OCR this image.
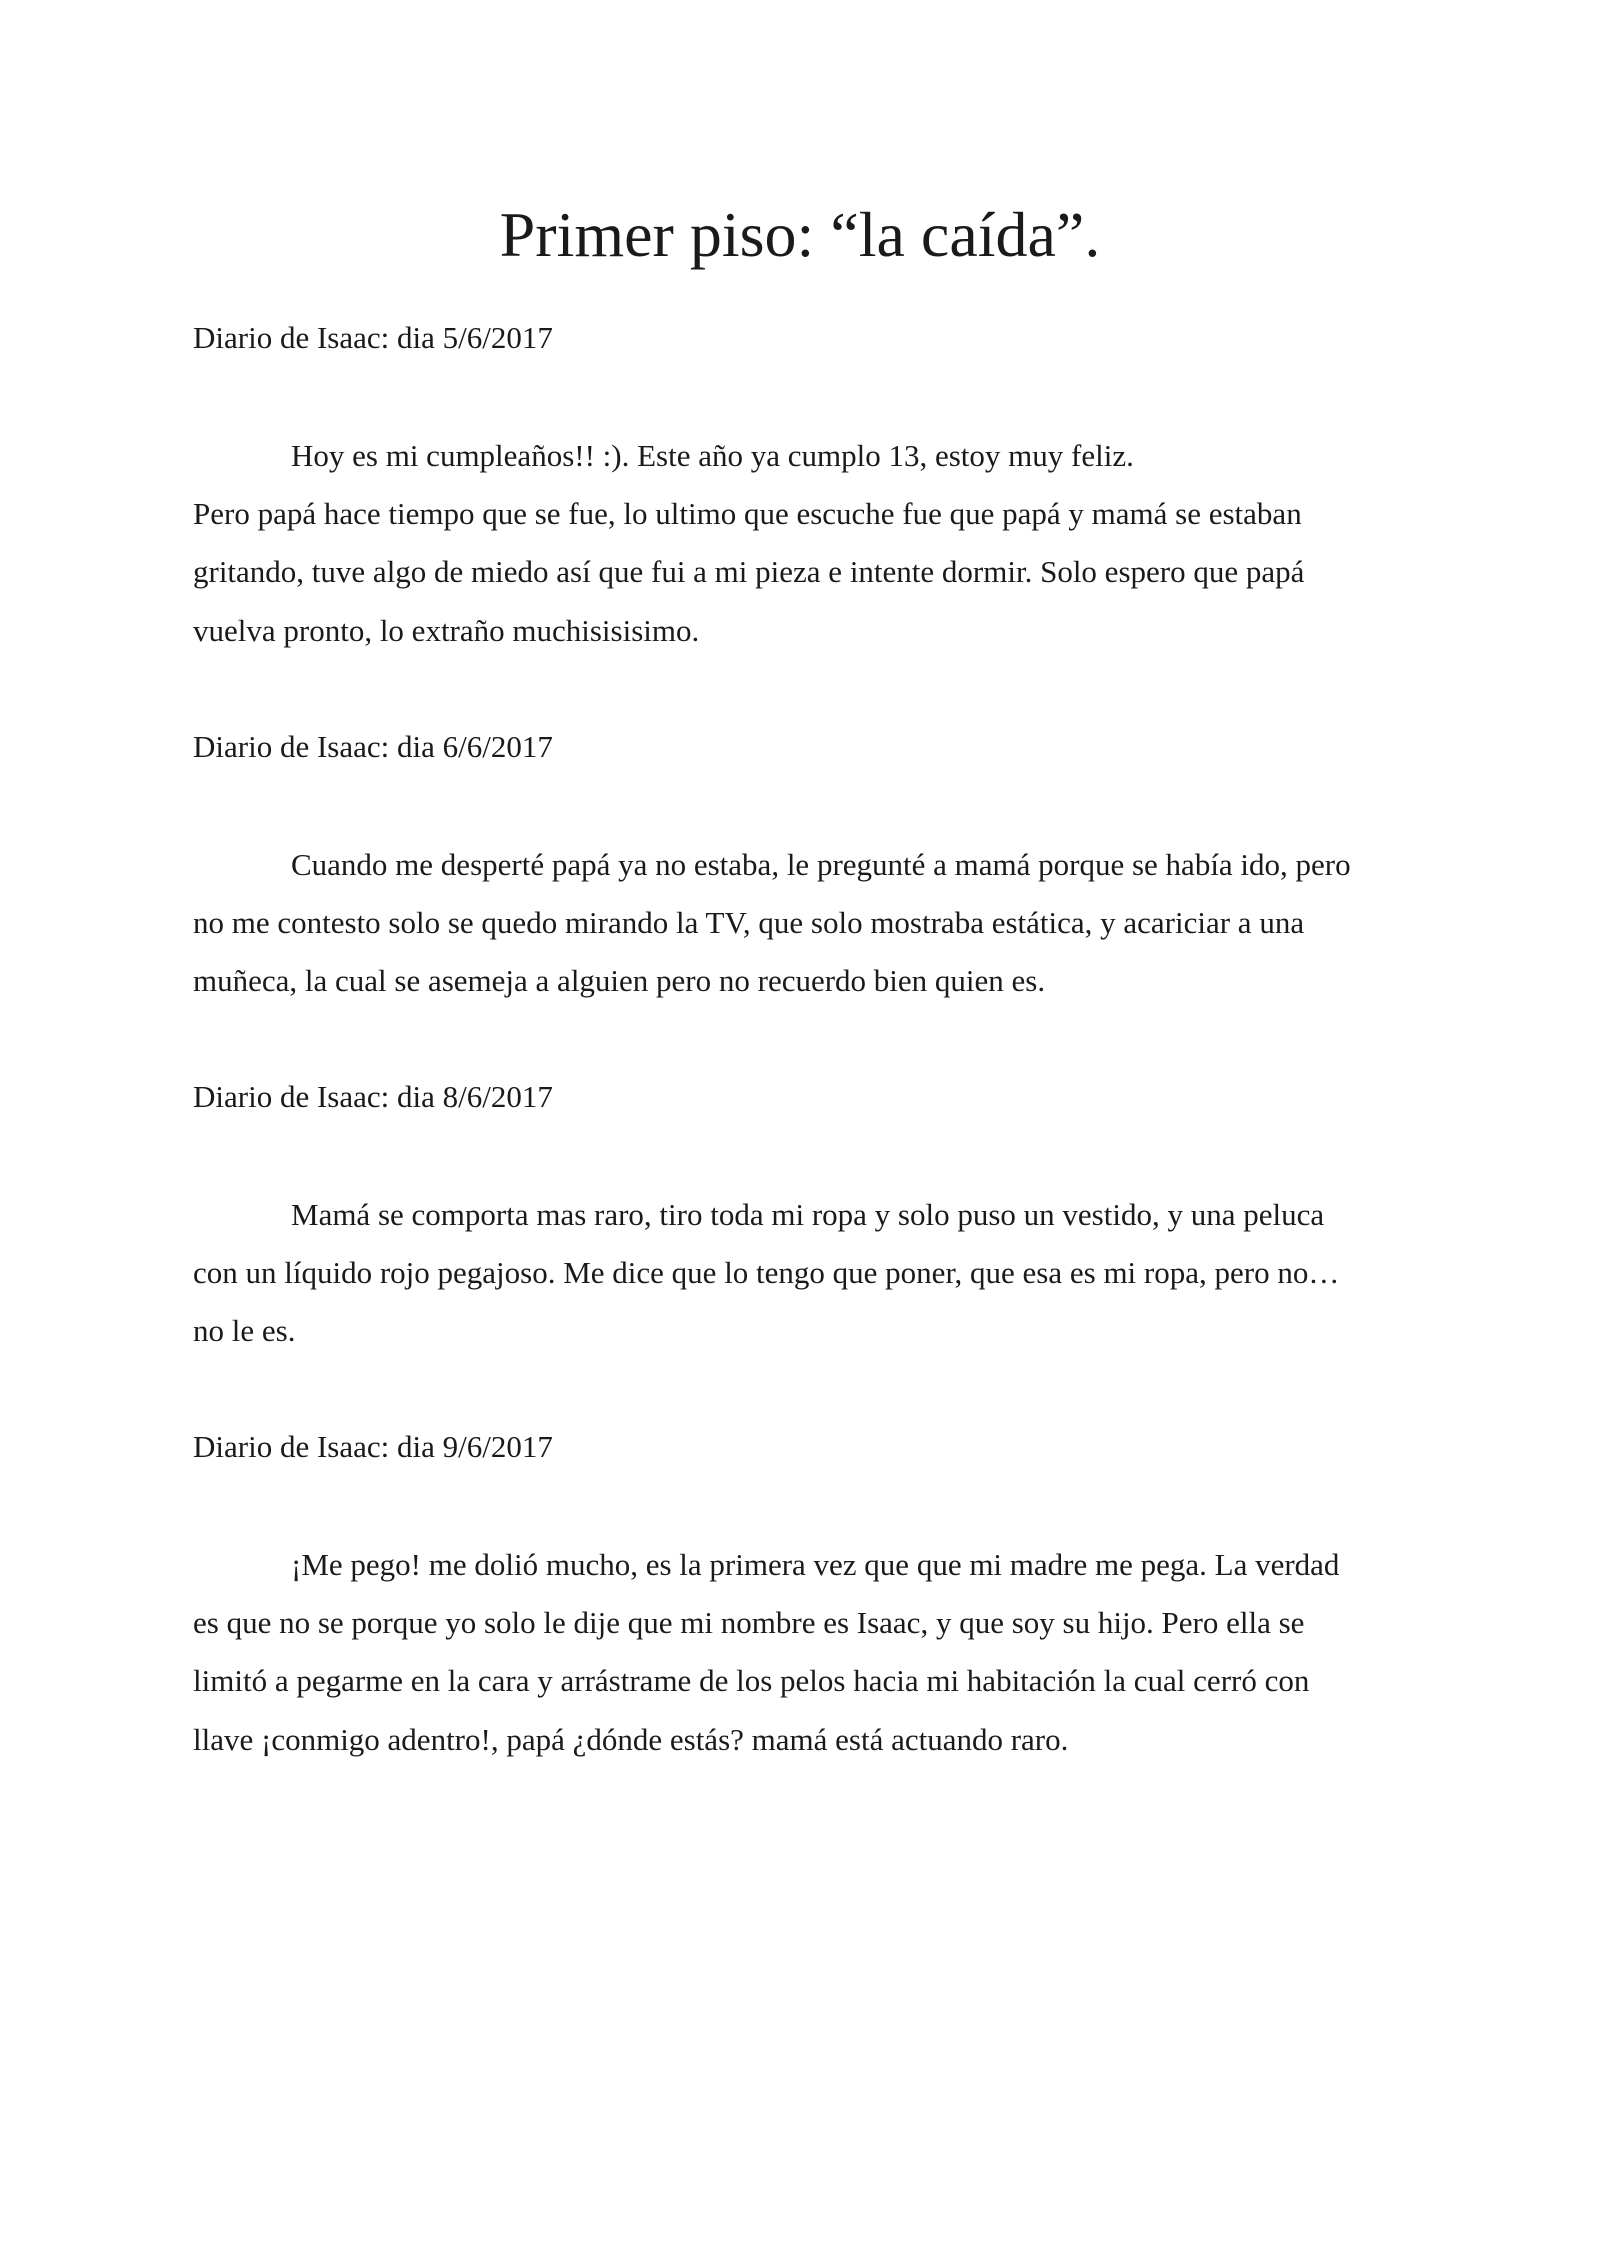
Primer piso: “la caída”.

Diario de Isaac: dia 5/6/2017

Hoy es mi cumpleaños!! :). Este año ya cumplo 13, estoy muy feliz.

Pero papá hace tiempo que se fue, lo ultimo que escuche fue que papá y mamá se estaban

gritando, tuve algo de miedo así que fui a mi pieza e intente dormir. Solo espero que papá

vuelva pronto, lo extraño muchisisisimo.

Diario de Isaac: dia 6/6/2017

Cuando me desperté papá ya no estaba, le pregunté a mamá porque se había ido, pero

no me contesto solo se quedo mirando la TV, que solo mostraba estática, y acariciar a una

muñeca, la cual se asemeja a alguien pero no recuerdo bien quien es.

Diario de Isaac: dia 8/6/2017

Mamá se comporta mas raro, tiro toda mi ropa y solo puso un vestido, y una peluca

con un líquido rojo pegajoso. Me dice que lo tengo que poner, que esa es mi ropa, pero no…

no le es.

Diario de Isaac: dia 9/6/2017

¡Me pego! me dolió mucho, es la primera vez que que mi madre me pega. La verdad

es que no se porque yo solo le dije que mi nombre es Isaac, y que soy su hijo. Pero ella se

limitó a pegarme en la cara y arrástrame de los pelos hacia mi habitación la cual cerró con

llave ¡conmigo adentro!, papá ¿dónde estás? mamá está actuando raro.
